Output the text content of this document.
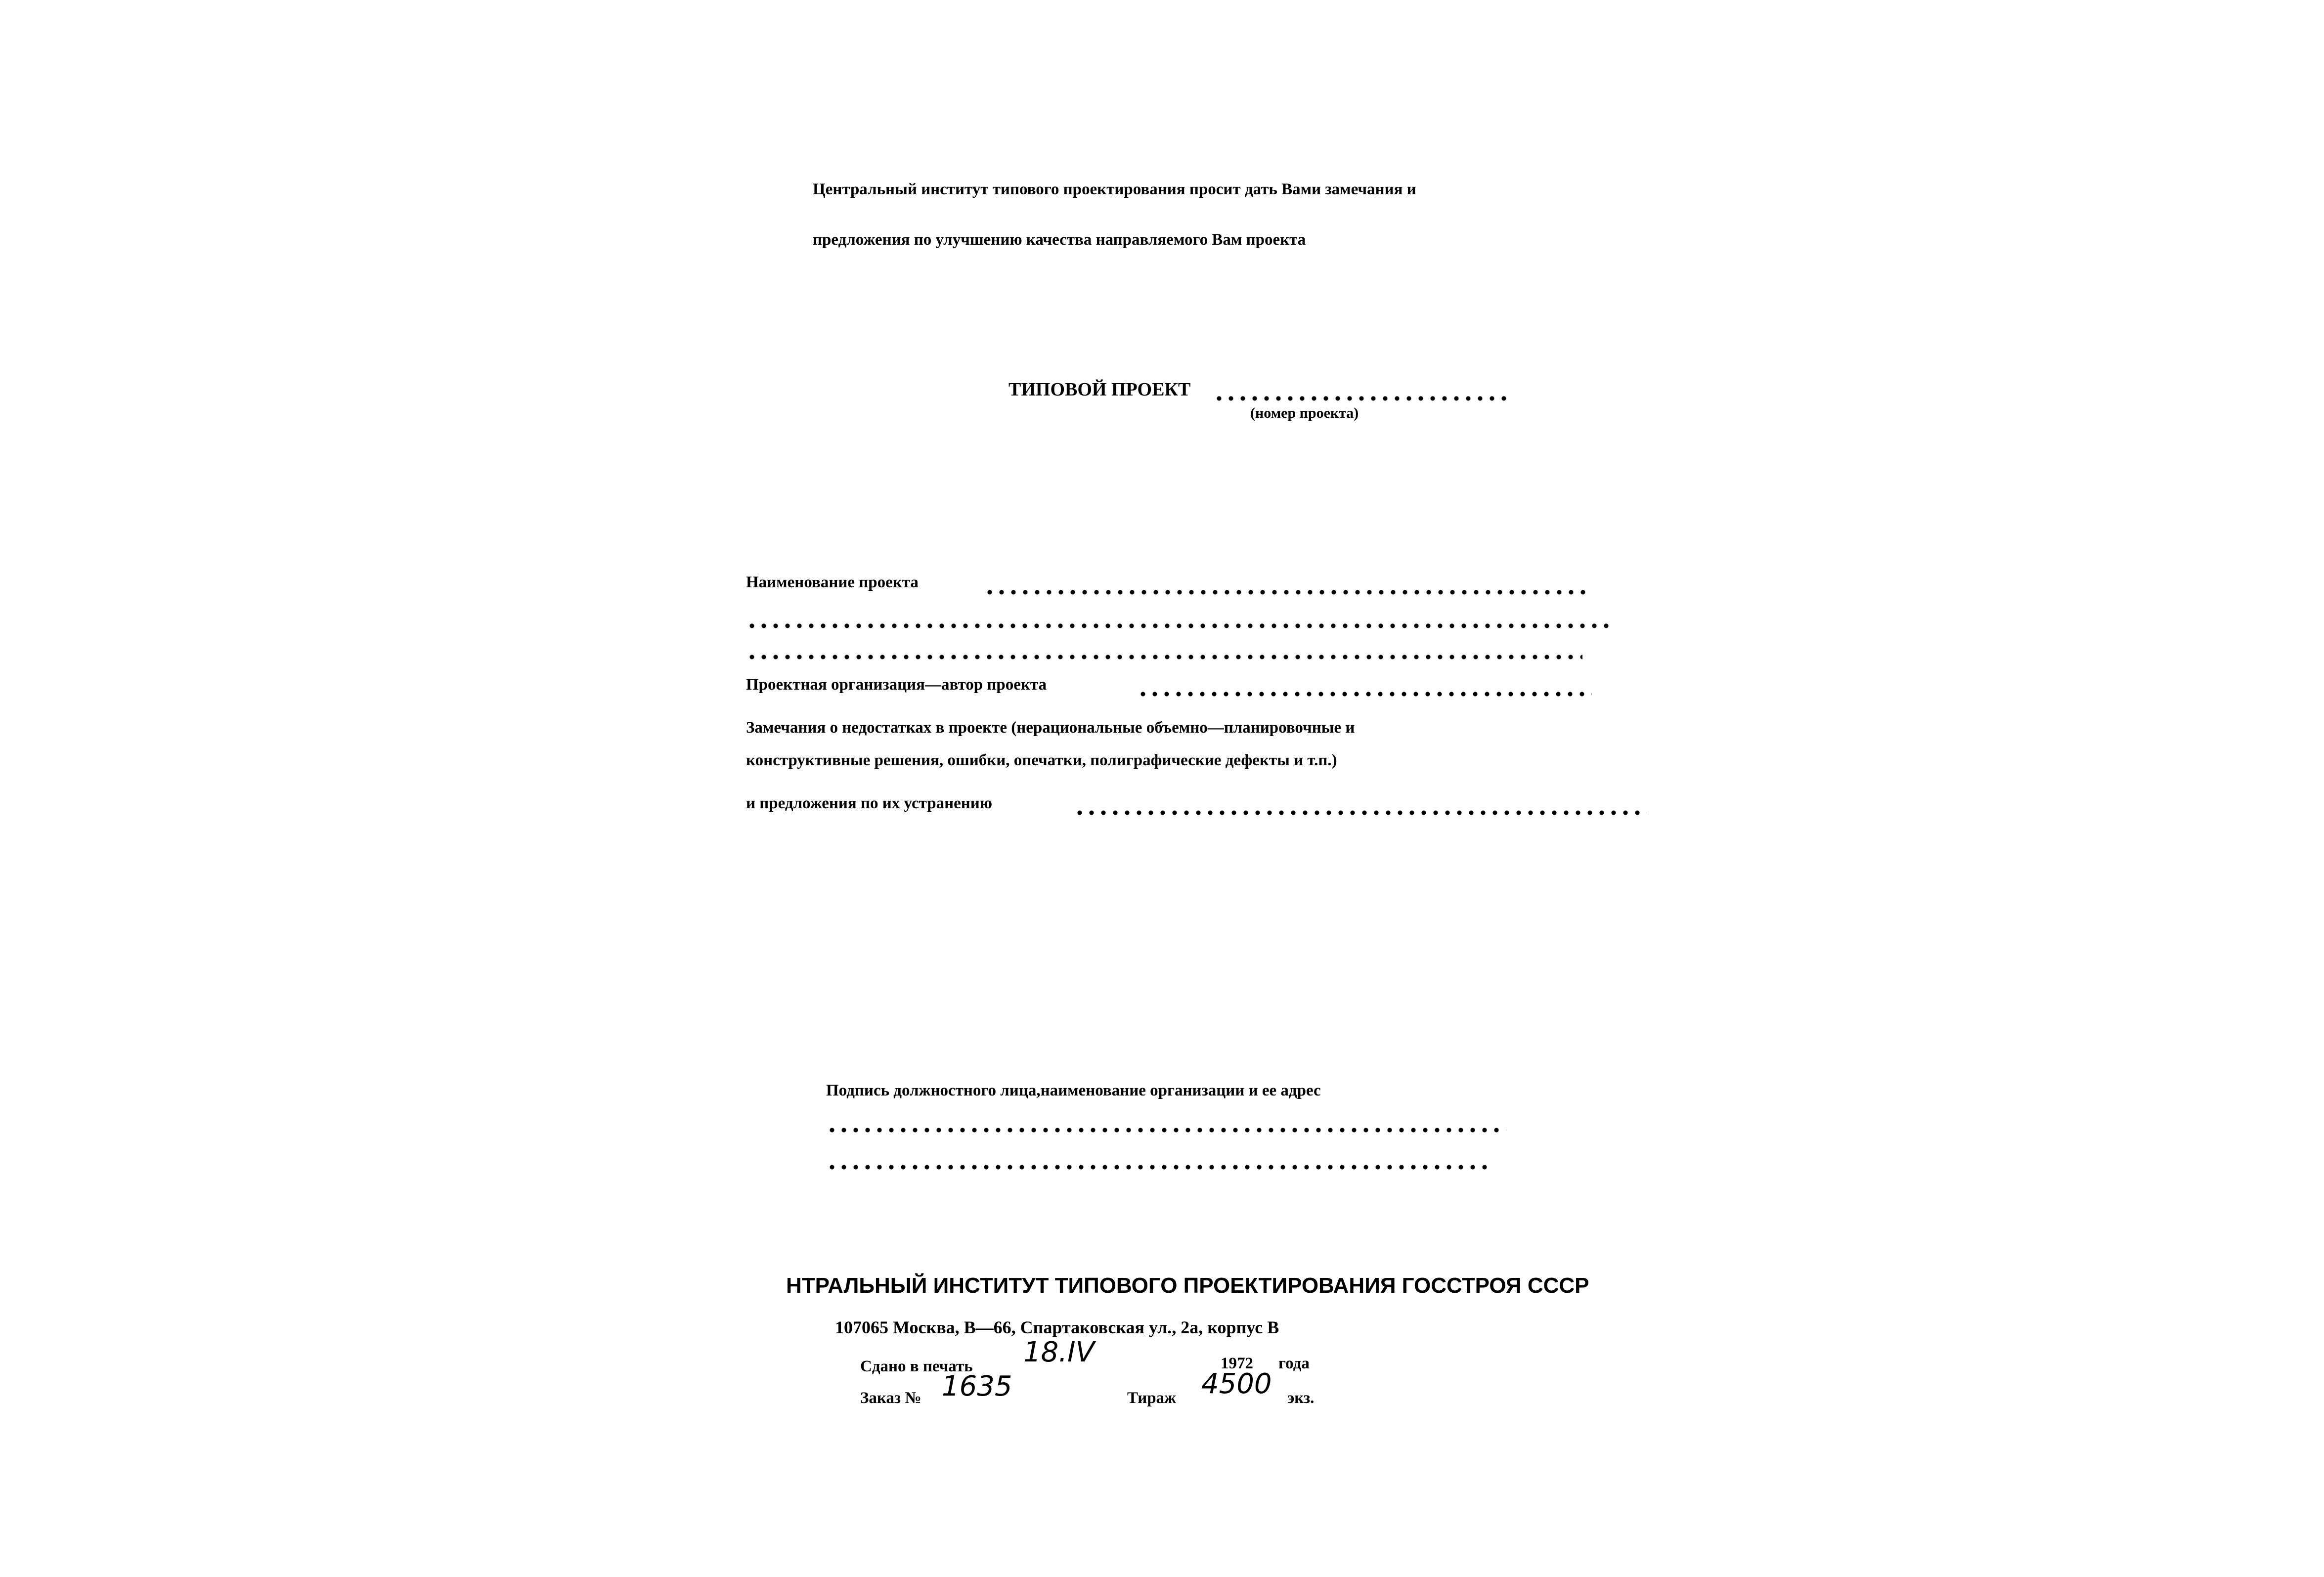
Центральный институт типового проектирования просит дать Вами замечания и
предложения по улучшению качества направляемого Вам проекта
ТИПОВОЙ ПРОЕКТ
(номер проекта)
Наименование проекта
Проектная организация—автор проекта
Замечания о недостатках в проекте (нерациональные объемно—планировочные и
конструктивные решения, ошибки, опечатки, полиграфические дефекты и т.п.)
и предложения по их устранению
Подпись должностного лица,наименование организации и ее адрес
НТРАЛЬНЫЙ ИНСТИТУТ ТИПОВОГО ПРОЕКТИРОВАНИЯ ГОССТРОЯ СССР
107065 Москва, В—66, Спартаковская ул., 2а, корпус В
Сдано в печать 18.IV	1972 года
Заказ № 1635	Тираж 4500 экз.
